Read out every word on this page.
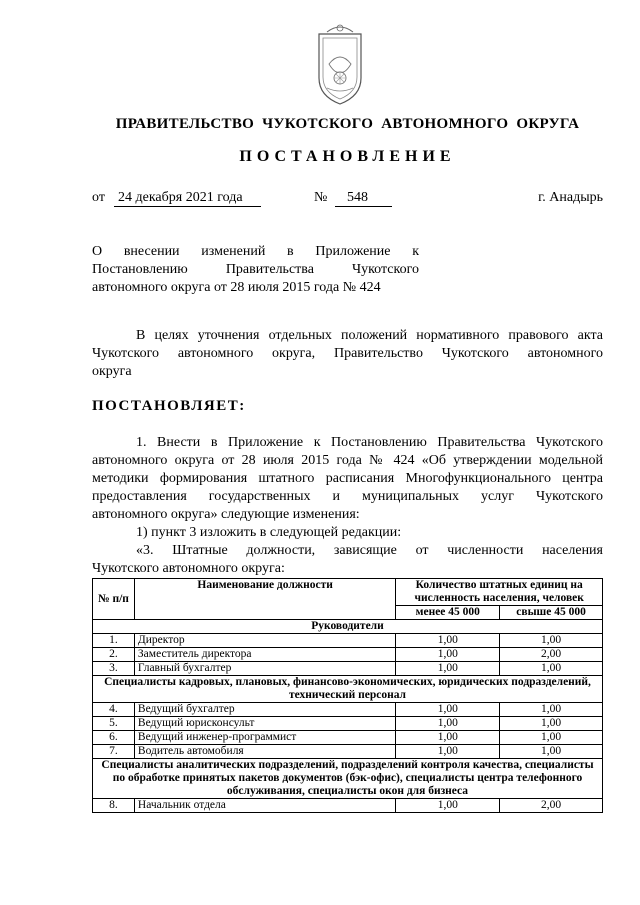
ПРАВИТЕЛЬСТВО ЧУКОТСКОГО АВТОНОМНОГО ОКРУГА
ПОСТАНОВЛЕНИЕ
от 24 декабря 2021 года	№	548	г. Анадырь
О внесении изменений в Приложение к
Постановлению Правительства Чукотского
автономного округа от 28 июля 2015 года № 424
В целях уточнения отдельных положений нормативного правового акта
Чукотского автономного округа, Правительство Чукотского автономного
округа
ПОСТАНОВЛЯЕТ:
1. Внести в Приложение к Постановлению Правительства Чукотского
автономного округа от 28 июля 2015 года № 424 «Об утверждении модельной
методики формирования штатного расписания Многофункционального центра
предоставления государственных и муниципальных услуг Чукотского
автономного округа» следующие изменения:
1) пункт 3 изложить в следующей редакции:
«3. Штатные должности, зависящие от численности населения
Чукотского автономного округа:
№ п/п	Наименование должности	Количество штатных единиц на численность населения, человек	
		менее 45 000	свыше 45 000
Руководители			
1.	Директор	1,00	1,00
2.	Заместитель директора	1,00	2,00
3.	Главный бухгалтер	1,00	1,00
Специалисты кадровых, плановых, финансово-экономических, юридических подразделений, технический персонал			
4.	Ведущий бухгалтер	1,00	1,00
5.	Ведущий юрисконсульт	1,00	1,00
6.	Ведущий инженер-программист	1,00	1,00
7.	Водитель автомобиля	1,00	1,00
Специалисты аналитических подразделений, подразделений контроля качества, специалисты по обработке принятых пакетов документов (бэк-офис), специалисты центра телефонного обслуживания, специалисты окон для бизнеса			
8.	Начальник отдела	1,00	2,00
